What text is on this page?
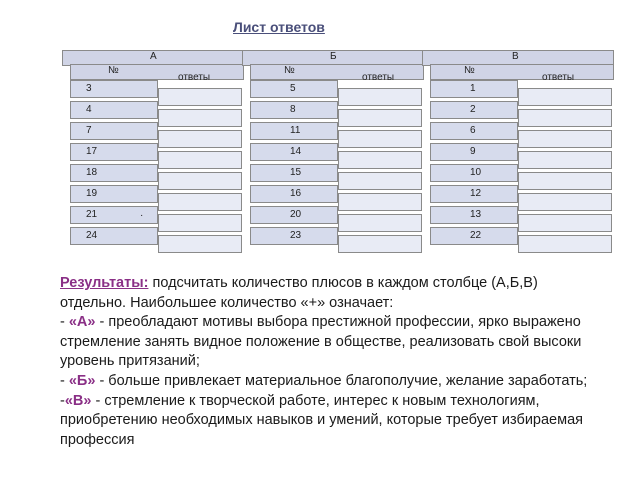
Лист ответов
А
№
ответы
Б
№
ответы
В
№
ответы
3
4
7
17
18
19
21
24
5
8
11
14
15
16
20
23
1
2
6
9
10
12
13
22
·
Результаты: подсчитать количество плюсов в каждом столбце (А,Б,В) отдельно. Наибольшее количество «+» означает:
- «А» - преобладают мотивы выбора престижной профессии, ярко выражено стремление занять видное положение в обществе, реализовать свой высоки уровень притязаний;
- «Б» - больше привлекает материальное благополучие, желание заработать;
-«В» - стремление к творческой работе, интерес к новым технологиям, приобретению необходимых навыков и умений, которые требует избираемая профессия
